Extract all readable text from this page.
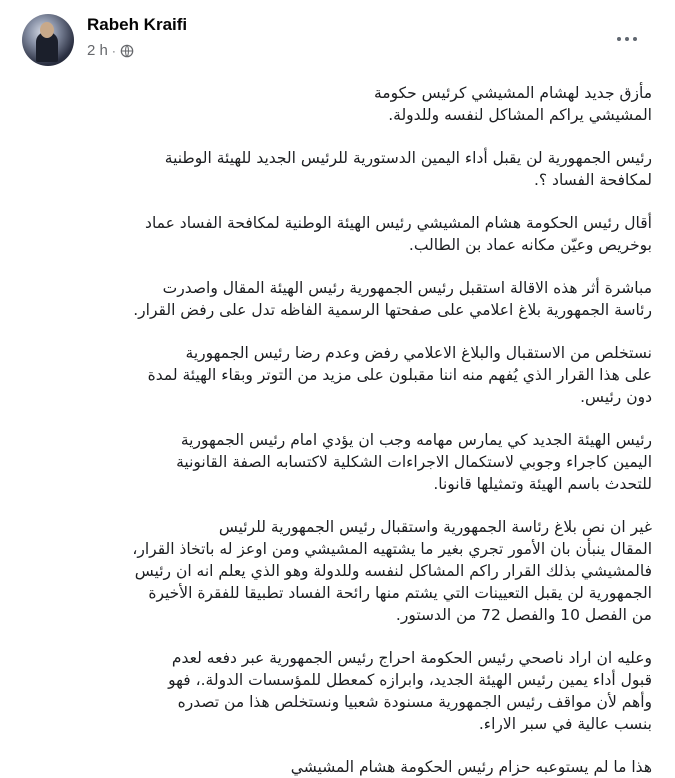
Rabeh Kraifi
2 h ·

مأزق جديد لهشام المشيشي كرئيس حكومة
المشيشي يراكم المشاكل لنفسه وللدولة.

رئيس الجمهورية لن يقبل أداء اليمين الدستورية للرئيس الجديد للهيئة الوطنية
لمكافحة الفساد ؟.

أقال رئيس الحكومة هشام المشيشي رئيس الهيئة الوطنية لمكافحة الفساد عماد
بوخريص وعيّن مكانه عماد بن الطالب.

مباشرة أثر هذه الاقالة استقبل رئيس الجمهورية رئيس الهيئة المقال واصدرت
رئاسة الجمهورية بلاغ اعلامي على صفحتها الرسمية الفاظه تدل على رفض القرار.

نستخلص من الاستقبال والبلاغ الاعلامي رفض وعدم رضا رئيس الجمهورية
على هذا القرار الذي يُفهم منه اننا مقبلون على مزيد من التوتر وبقاء الهيئة لمدة
دون رئيس.

رئيس الهيئة الجديد كي يمارس مهامه وجب ان يؤدي امام رئيس الجمهورية
اليمين كاجراء وجوبي لاستكمال الاجراءات الشكلية لاكتسابه الصفة القانونية
للتحدث باسم الهيئة وتمثيلها قانونا.

غير ان نص بلاغ رئاسة الجمهورية واستقبال رئيس الجمهورية للرئيس
المقال ينبأن بان الأمور تجري بغير ما يشتهيه المشيشي ومن اوعز له باتخاذ القرار،
فالمشيشي بذلك القرار راكم المشاكل لنفسه وللدولة وهو الذي يعلم انه ان رئيس
الجمهورية لن يقبل التعيينات التي يشتم منها رائحة الفساد تطبيقا للفقرة الأخيرة
من الفصل 10 والفصل 72 من الدستور.

وعليه ان اراد ناصحي رئيس الحكومة احراج رئيس الجمهورية عبر دفعه لعدم
قبول أداء يمين رئيس الهيئة الجديد، وابرازه كمعطل للمؤسسات الدولة.، فهو
وأهم لأن مواقف رئيس الجمهورية مسنودة شعبيا ونستخلص هذا من تصدره
بنسب عالية في سبر الاراء.

هذا ما لم يستوعبه حزام رئيس الحكومة هشام المشيشي
